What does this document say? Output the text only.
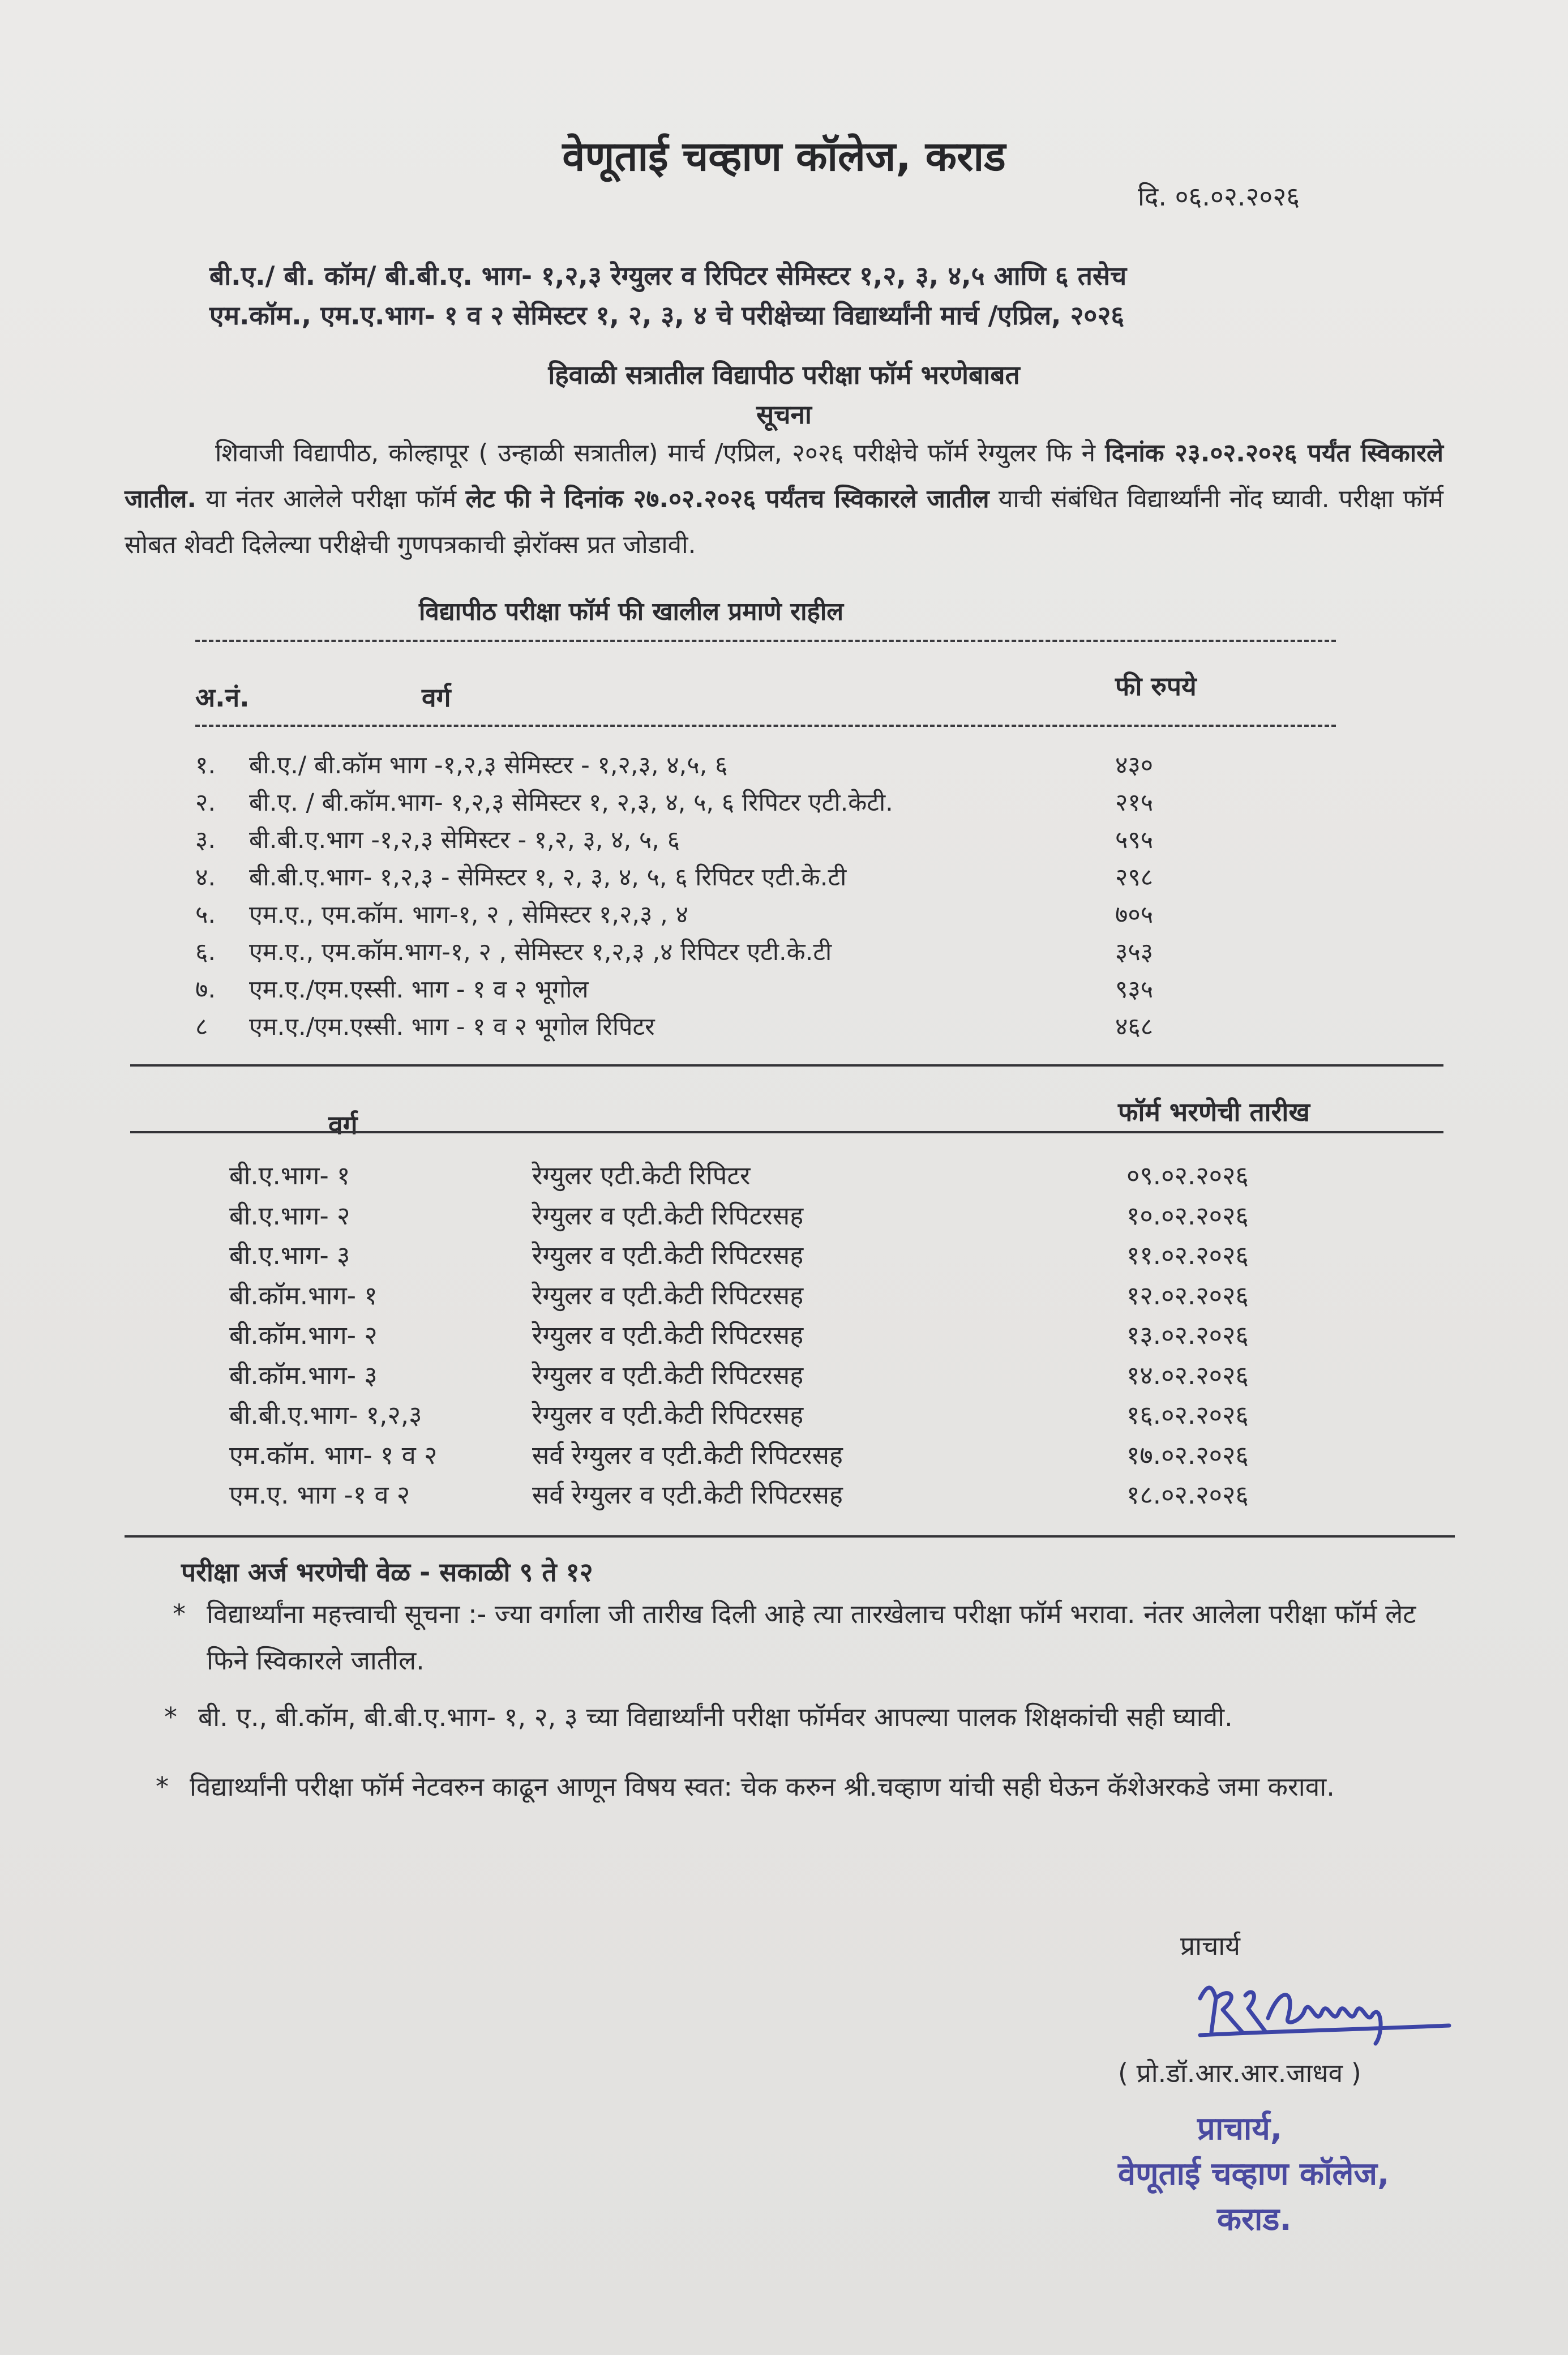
वेणूताई चव्हाण कॉलेज, कराड
दि. ०६.०२.२०२६
बी.ए./ बी. कॉम/ बी.बी.ए. भाग- १,२,३ रेग्युलर व रिपिटर सेमिस्टर १,२, ३, ४,५ आणि ६ तसेच
एम.कॉम., एम.ए.भाग- १ व २ सेमिस्टर १, २, ३, ४ चे परीक्षेच्या विद्यार्थ्यांनी मार्च /एप्रिल, २०२६
हिवाळी सत्रातील विद्यापीठ परीक्षा फॉर्म भरणेबाबत
सूचना
शिवाजी विद्यापीठ, कोल्हापूर ( उन्हाळी सत्रातील) मार्च /एप्रिल, २०२६ परीक्षेचे फॉर्म रेग्युलर फि ने दिनांक २३.०२.२०२६ पर्यंत स्विकारले जातील. या नंतर आलेले परीक्षा फॉर्म लेट फी ने दिनांक २७.०२.२०२६ पर्यंतच स्विकारले जातील याची संबंधित विद्यार्थ्यांनी नोंद घ्यावी. परीक्षा फॉर्म सोबत शेवटी दिलेल्या परीक्षेची गुणपत्रकाची झेरॉक्स प्रत जोडावी.
विद्यापीठ परीक्षा फॉर्म फी खालील प्रमाणे राहील
अ.नं.	वर्ग	फी रुपये
१. बी.ए./ बी.कॉम भाग -१,२,३ सेमिस्टर - १,२,३, ४,५, ६	४३०
२. बी.ए. / बी.कॉम.भाग- १,२,३ सेमिस्टर १, २,३, ४, ५, ६ रिपिटर एटी.केटी.	२१५
३. बी.बी.ए.भाग -१,२,३ सेमिस्टर - १,२, ३, ४, ५, ६	५९५
४. बी.बी.ए.भाग- १,२,३ - सेमिस्टर १, २, ३, ४, ५, ६ रिपिटर एटी.के.टी	२९८
५. एम.ए., एम.कॉम. भाग-१, २ , सेमिस्टर १,२,३ , ४	७०५
६. एम.ए., एम.कॉम.भाग-१, २ , सेमिस्टर १,२,३ ,४ रिपिटर एटी.के.टी	३५३
७. एम.ए./एम.एस्सी. भाग - १ व २ भूगोल	९३५
८ एम.ए./एम.एस्सी. भाग - १ व २ भूगोल रिपिटर	४६८
वर्ग	फॉर्म भरणेची तारीख
बी.ए.भाग- १	रेग्युलर एटी.केटी रिपिटर	०९.०२.२०२६
बी.ए.भाग- २	रेग्युलर व एटी.केटी रिपिटरसह	१०.०२.२०२६
बी.ए.भाग- ३	रेग्युलर व एटी.केटी रिपिटरसह	११.०२.२०२६
बी.कॉम.भाग- १	रेग्युलर व एटी.केटी रिपिटरसह	१२.०२.२०२६
बी.कॉम.भाग- २	रेग्युलर व एटी.केटी रिपिटरसह	१३.०२.२०२६
बी.कॉम.भाग- ३	रेग्युलर व एटी.केटी रिपिटरसह	१४.०२.२०२६
बी.बी.ए.भाग- १,२,३	रेग्युलर व एटी.केटी रिपिटरसह	१६.०२.२०२६
एम.कॉम. भाग- १ व २	सर्व रेग्युलर व एटी.केटी रिपिटरसह	१७.०२.२०२६
एम.ए. भाग -१ व २	सर्व रेग्युलर व एटी.केटी रिपिटरसह	१८.०२.२०२६
परीक्षा अर्ज भरणेची वेळ - सकाळी ९ ते १२
* विद्यार्थ्यांना महत्त्वाची सूचना :- ज्या वर्गाला जी तारीख दिली आहे त्या तारखेलाच परीक्षा फॉर्म भरावा. नंतर आलेला परीक्षा फॉर्म लेट फिने स्विकारले जातील.
* बी. ए., बी.कॉम, बी.बी.ए.भाग- १, २, ३ च्या विद्यार्थ्यांनी परीक्षा फॉर्मवर आपल्या पालक शिक्षकांची सही घ्यावी.
* विद्यार्थ्यांनी परीक्षा फॉर्म नेटवरुन काढून आणून विषय स्वत: चेक करुन श्री.चव्हाण यांची सही घेऊन कॅशेअरकडे जमा करावा.
प्राचार्य
( प्रो.डॉ.आर.आर.जाधव )
प्राचार्य,
वेणूताई चव्हाण कॉलेज,
कराड.
